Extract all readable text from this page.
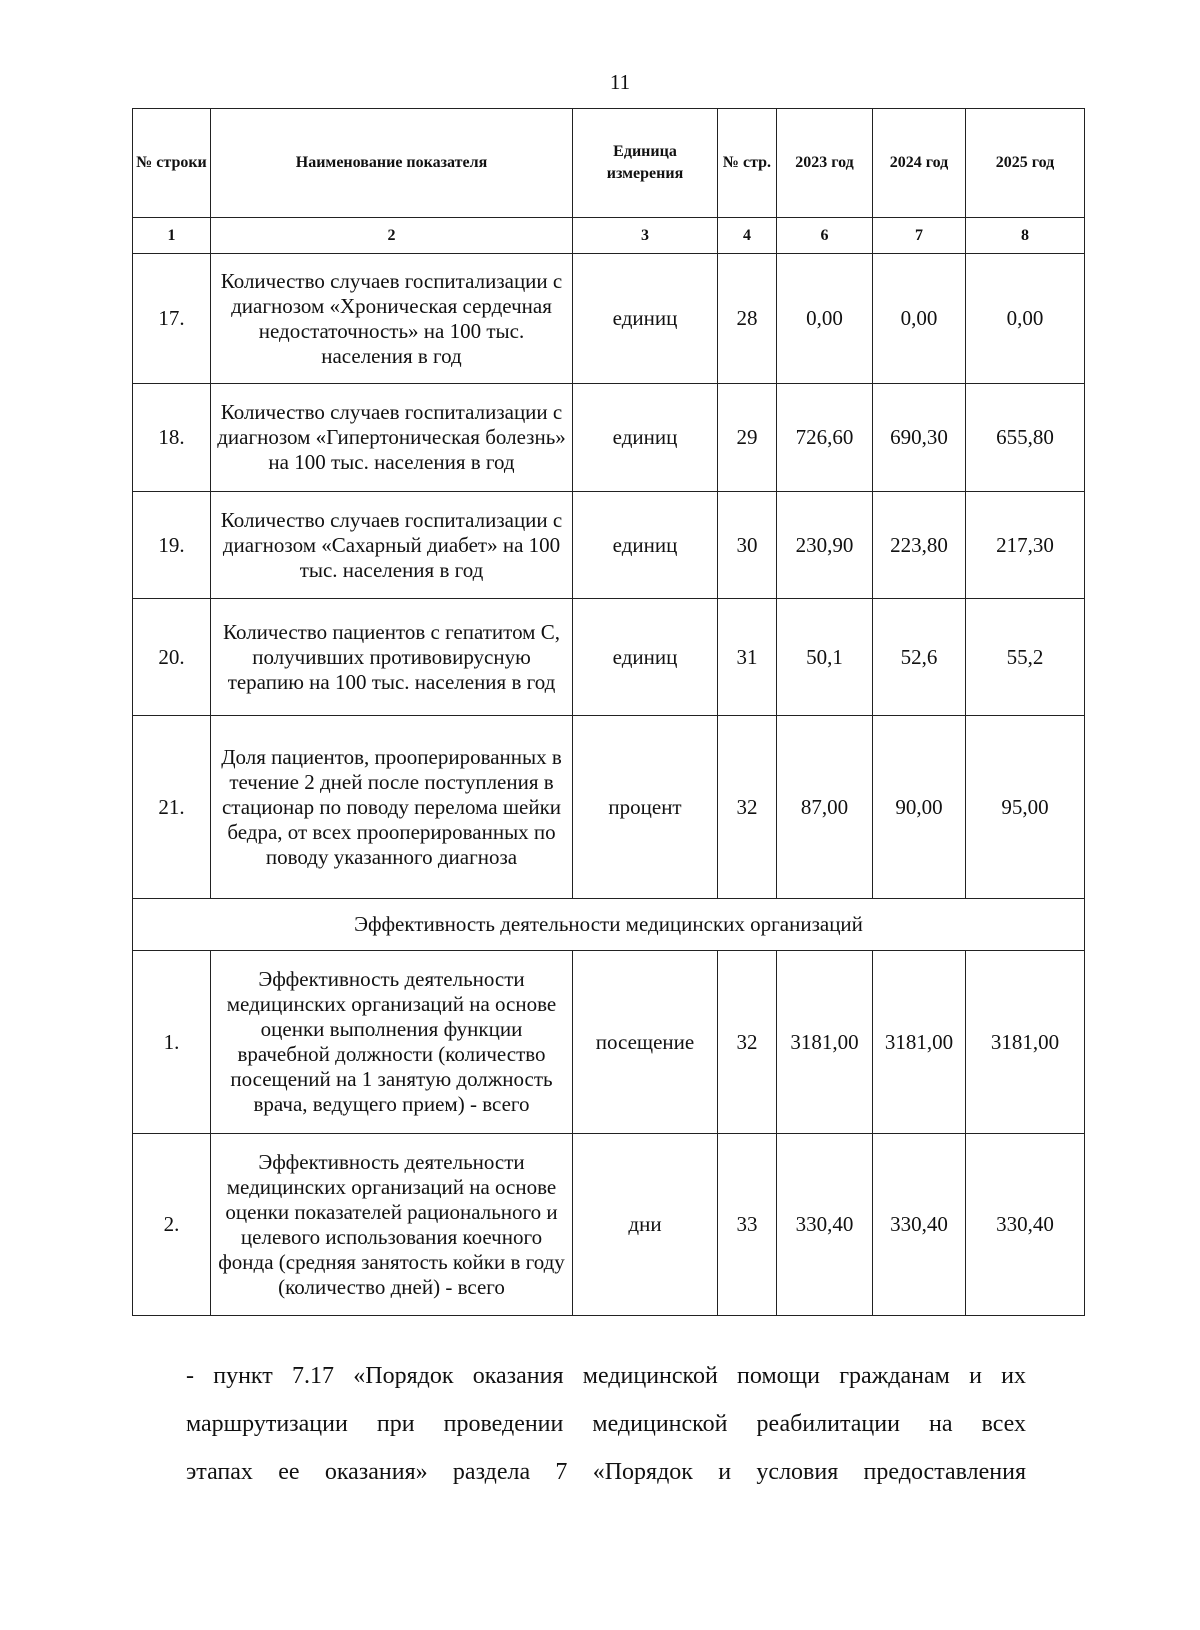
11
№ строки	Наименование показателя	Единица измерения	№ стр.	2023 год	2024 год	2025 год
1	2	3	4	6	7	8
17.	Количество случаев госпитализации с диагнозом «Хроническая сердечная недостаточность» на 100 тыс. населения в год	единиц	28	0,00	0,00	0,00
18.	Количество случаев госпитализации с диагнозом «Гипертоническая болезнь» на 100 тыс. населения в год	единиц	29	726,60	690,30	655,80
19.	Количество случаев госпитализации с диагнозом «Сахарный диабет» на 100 тыс. населения в год	единиц	30	230,90	223,80	217,30
20.	Количество пациентов с гепатитом С, получивших противовирусную терапию на 100 тыс. населения в год	единиц	31	50,1	52,6	55,2
21.	Доля пациентов, прооперированных в течение 2 дней после поступления в стационар по поводу перелома шейки бедра, от всех прооперированных по поводу указанного диагноза	процент	32	87,00	90,00	95,00
Эффективность деятельности медицинских организаций						
1.	Эффективность деятельности медицинских организаций на основе оценки выполнения функции врачебной должности (количество посещений на 1 занятую должность врача, ведущего прием) - всего	посещение	32	3181,00	3181,00	3181,00
2.	Эффективность деятельности медицинских организаций на основе оценки показателей рационального и целевого использования коечного фонда (средняя занятость койки в году (количество дней) - всего	дни	33	330,40	330,40	330,40
- пункт 7.17 «Порядок оказания медицинской помощи гражданам и их
маршрутизации при проведении медицинской реабилитации на всех
этапах ее оказания» раздела 7 «Порядок и условия предоставления
